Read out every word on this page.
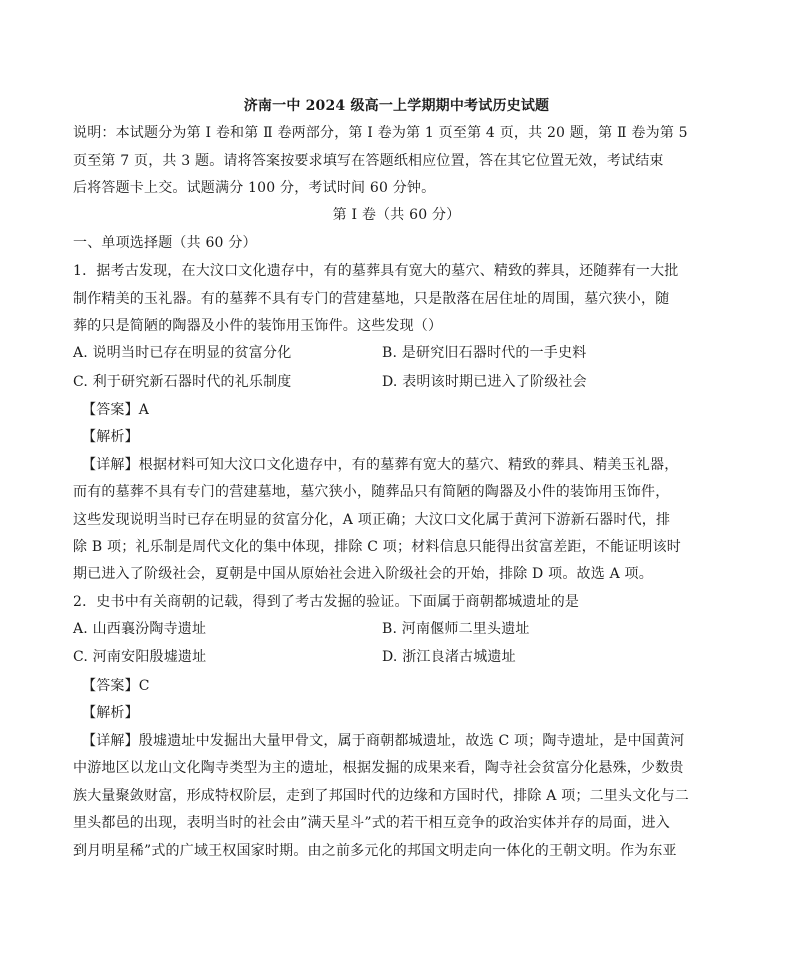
济南一中 2024 级高一上学期期中考试历史试题
说明：本试题分为第 Ⅰ 卷和第 Ⅱ 卷两部分，第 Ⅰ 卷为第 1 页至第 4 页，共 20 题，第 Ⅱ 卷为第 5
页至第 7 页，共 3 题。请将答案按要求填写在答题纸相应位置，答在其它位置无效，考试结束
后将答题卡上交。试题满分 100 分，考试时间 60 分钟。
第 Ⅰ 卷（共 60 分）
一、单项选择题（共 60 分）
1．据考古发现，在大汶口文化遗存中，有的墓葬具有宽大的墓穴、精致的葬具，还随葬有一大批
制作精美的玉礼器。有的墓葬不具有专门的营建墓地，只是散落在居住址的周围，墓穴狭小，随
葬的只是简陋的陶器及小件的装饰用玉饰件。这些发现（）
A. 说明当时已存在明显的贫富分化	B. 是研究旧石器时代的一手史料
C. 利于研究新石器时代的礼乐制度	D. 表明该时期已进入了阶级社会
【答案】A
【解析】
【详解】根据材料可知大汶口文化遗存中，有的墓葬有宽大的墓穴、精致的葬具、精美玉礼器，
而有的墓葬不具有专门的营建墓地，墓穴狭小，随葬品只有简陋的陶器及小件的装饰用玉饰件，
这些发现说明当时已存在明显的贫富分化，A 项正确；大汶口文化属于黄河下游新石器时代，排
除 B 项；礼乐制是周代文化的集中体现，排除 C 项；材料信息只能得出贫富差距，不能证明该时
期已进入了阶级社会，夏朝是中国从原始社会进入阶级社会的开始，排除 D 项。故选 A 项。
2．史书中有关商朝的记载，得到了考古发掘的验证。下面属于商朝都城遗址的是
A. 山西襄汾陶寺遗址	B. 河南偃师二里头遗址
C. 河南安阳殷墟遗址	D. 浙江良渚古城遗址
【答案】C
【解析】
【详解】殷墟遗址中发掘出大量甲骨文，属于商朝都城遗址，故选 C 项；陶寺遗址，是中国黄河
中游地区以龙山文化陶寺类型为主的遗址，根据发掘的成果来看，陶寺社会贫富分化悬殊，少数贵
族大量聚敛财富，形成特权阶层，走到了邦国时代的边缘和方国时代，排除 A 项；二里头文化与二
里头都邑的出现，表明当时的社会由”满天星斗”式的若干相互竞争的政治实体并存的局面，进入
到月明星稀”式的广域王权国家时期。由之前多元化的邦国文明走向一体化的王朝文明。作为东亚
